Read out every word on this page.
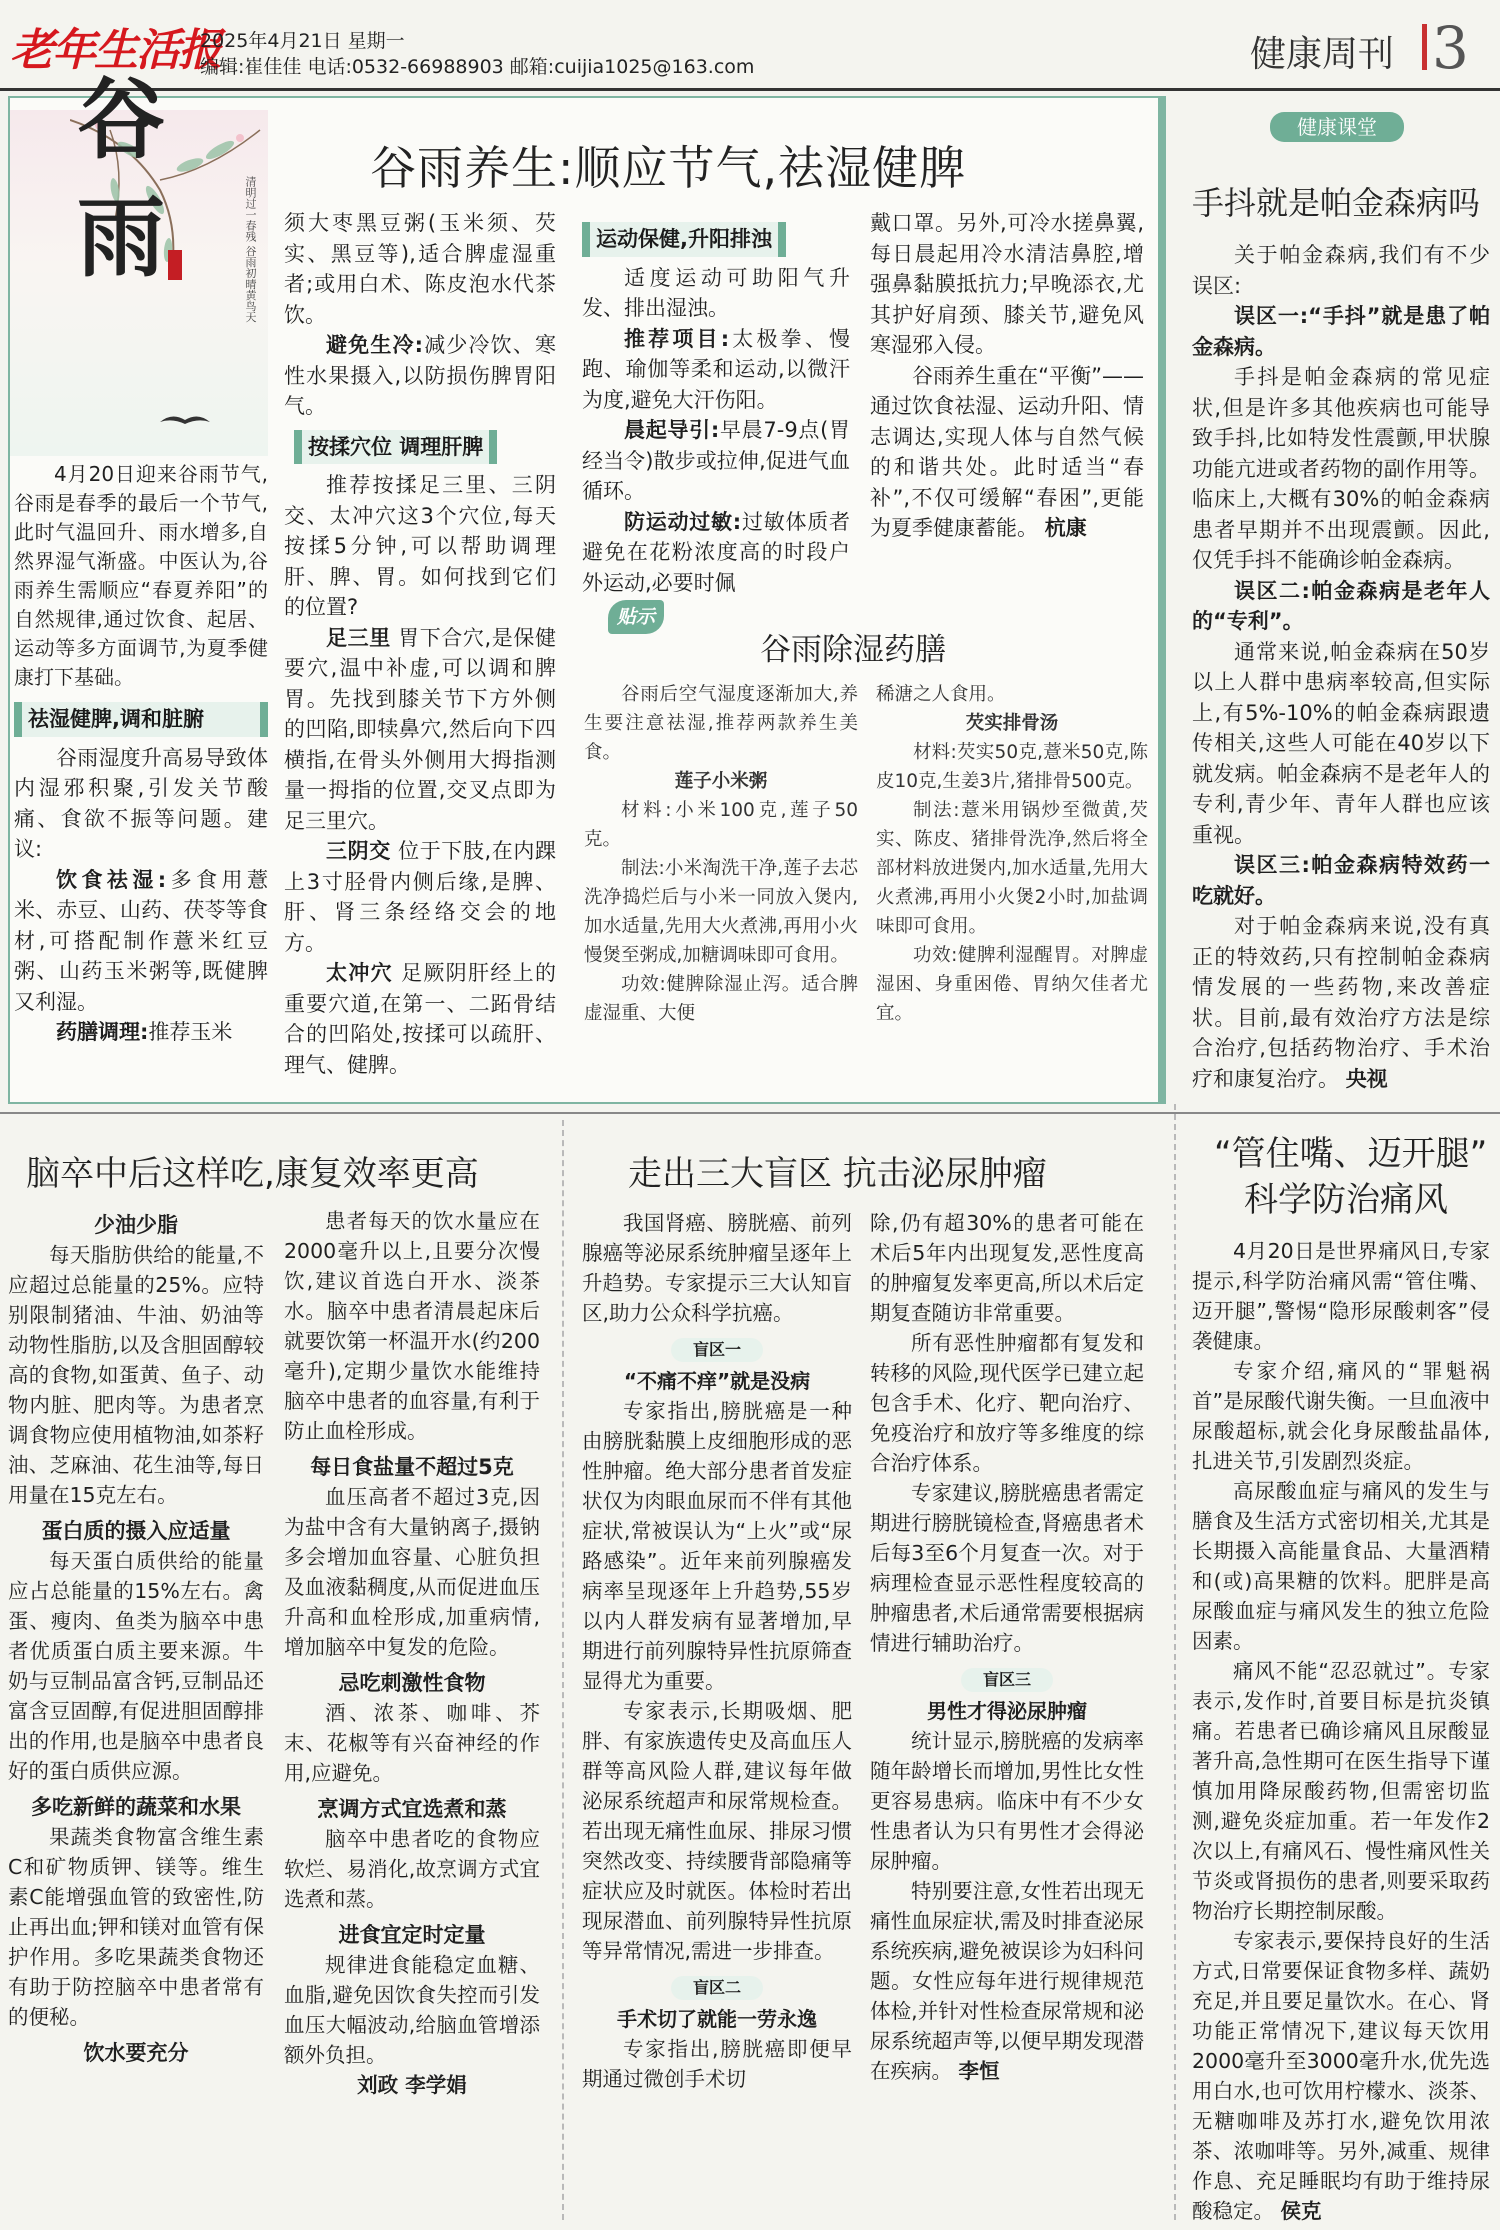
老年生活报
2025年4月21日 星期一
编辑:崔佳佳 电话:0532-66988903 邮箱:cuijia1025@163.com	健康周刊 3
谷
雨	清明过一春残 谷雨初晴黄鸟天
谷雨养生:顺应节气,祛湿健脾

4月20日迎来谷雨节气,谷雨是春季的最后一个节气,此时气温回升、雨水增多,自然界湿气渐盛。中医认为,谷雨养生需顺应“春夏养阳”的自然规律,通过饮食、起居、运动等多方面调节,为夏季健康打下基础。

祛湿健脾,调和脏腑

谷雨湿度升高易导致体内湿邪积聚,引发关节酸痛、食欲不振等问题。建议:

饮食祛湿:多食用薏米、赤豆、山药、茯苓等食材,可搭配制作薏米红豆粥、山药玉米粥等,既健脾又利湿。

药膳调理:推荐玉米

须大枣黑豆粥(玉米须、芡实、黑豆等),适合脾虚湿重者;或用白术、陈皮泡水代茶饮。

避免生冷:减少冷饮、寒性水果摄入,以防损伤脾胃阳气。

按揉穴位 调理肝脾

推荐按揉足三里、三阴交、太冲穴这3个穴位,每天按揉5分钟,可以帮助调理肝、脾、胃。如何找到它们的位置?

足三里 胃下合穴,是保健要穴,温中补虚,可以调和脾胃。先找到膝关节下方外侧的凹陷,即犊鼻穴,然后向下四横指,在骨头外侧用大拇指测量一拇指的位置,交叉点即为足三里穴。

三阴交 位于下肢,在内踝上3寸胫骨内侧后缘,是脾、肝、肾三条经络交会的地方。

太冲穴 足厥阴肝经上的重要穴道,在第一、二跖骨结合的凹陷处,按揉可以疏肝、理气、健脾。

运动保健,升阳排浊

适度运动可助阳气升发、排出湿浊。

推荐项目:太极拳、慢跑、瑜伽等柔和运动,以微汗为度,避免大汗伤阳。

晨起导引:早晨7-9点(胃经当令)散步或拉伸,促进气血循环。

防运动过敏:过敏体质者避免在花粉浓度高的时段户外运动,必要时佩

戴口罩。另外,可冷水搓鼻翼,每日晨起用冷水清洁鼻腔,增强鼻黏膜抵抗力;早晚添衣,尤其护好肩颈、膝关节,避免风寒湿邪入侵。

谷雨养生重在“平衡”——通过饮食祛湿、运动升阳、情志调达,实现人体与自然气候的和谐共处。此时适当“春补”,不仅可缓解“春困”,更能为夏季健康蓄能。 杭康

贴示
谷雨除湿药膳

谷雨后空气湿度逐渐加大,养生要注意祛湿,推荐两款养生美食。

莲子小米粥

材料:小米100克,莲子50克。

制法:小米淘洗干净,莲子去芯洗净捣烂后与小米一同放入煲内,加水适量,先用大火煮沸,再用小火慢煲至粥成,加糖调味即可食用。

功效:健脾除湿止泻。适合脾虚湿重、大便

稀溏之人食用。

芡实排骨汤

材料:芡实50克,薏米50克,陈皮10克,生姜3片,猪排骨500克。

制法:薏米用锅炒至微黄,芡实、陈皮、猪排骨洗净,然后将全部材料放进煲内,加水适量,先用大火煮沸,再用小火煲2小时,加盐调味即可食用。

功效:健脾利湿醒胃。对脾虚湿困、身重困倦、胃纳欠佳者尤宜。

健康课堂
手抖就是帕金森病吗

关于帕金森病,我们有不少误区:

误区一:“手抖”就是患了帕金森病。

手抖是帕金森病的常见症状,但是许多其他疾病也可能导致手抖,比如特发性震颤,甲状腺功能亢进或者药物的副作用等。临床上,大概有30%的帕金森病患者早期并不出现震颤。因此,仅凭手抖不能确诊帕金森病。

误区二:帕金森病是老年人的“专利”。

通常来说,帕金森病在50岁以上人群中患病率较高,但实际上,有5%-10%的帕金森病跟遗传相关,这些人可能在40岁以下就发病。帕金森病不是老年人的专利,青少年、青年人群也应该重视。

误区三:帕金森病特效药一吃就好。

对于帕金森病来说,没有真正的特效药,只有控制帕金森病情发展的一些药物,来改善症状。目前,最有效治疗方法是综合治疗,包括药物治疗、手术治疗和康复治疗。 央视

脑卒中后这样吃,康复效率更高

少油少脂

每天脂肪供给的能量,不应超过总能量的25%。应特别限制猪油、牛油、奶油等动物性脂肪,以及含胆固醇较高的食物,如蛋黄、鱼子、动物内脏、肥肉等。为患者烹调食物应使用植物油,如茶籽油、芝麻油、花生油等,每日用量在15克左右。

蛋白质的摄入应适量

每天蛋白质供给的能量应占总能量的15%左右。禽蛋、瘦肉、鱼类为脑卒中患者优质蛋白质主要来源。牛奶与豆制品富含钙,豆制品还富含豆固醇,有促进胆固醇排出的作用,也是脑卒中患者良好的蛋白质供应源。

多吃新鲜的蔬菜和水果

果蔬类食物富含维生素C和矿物质钾、镁等。维生素C能增强血管的致密性,防止再出血;钾和镁对血管有保护作用。多吃果蔬类食物还有助于防控脑卒中患者常有的便秘。

饮水要充分

患者每天的饮水量应在2000毫升以上,且要分次慢饮,建议首选白开水、淡茶水。脑卒中患者清晨起床后就要饮第一杯温开水(约200毫升),定期少量饮水能维持脑卒中患者的血容量,有利于防止血栓形成。

每日食盐量不超过5克

血压高者不超过3克,因为盐中含有大量钠离子,摄钠多会增加血容量、心脏负担及血液黏稠度,从而促进血压升高和血栓形成,加重病情,增加脑卒中复发的危险。

忌吃刺激性食物

酒、浓茶、咖啡、芥末、花椒等有兴奋神经的作用,应避免。

烹调方式宜选煮和蒸

脑卒中患者吃的食物应软烂、易消化,故烹调方式宜选煮和蒸。

进食宜定时定量

规律进食能稳定血糖、血脂,避免因饮食失控而引发血压大幅波动,给脑血管增添额外负担。

刘政 李学娟

走出三大盲区 抗击泌尿肿瘤

我国肾癌、膀胱癌、前列腺癌等泌尿系统肿瘤呈逐年上升趋势。专家提示三大认知盲区,助力公众科学抗癌。

盲区一

“不痛不痒”就是没病

专家指出,膀胱癌是一种由膀胱黏膜上皮细胞形成的恶性肿瘤。绝大部分患者首发症状仅为肉眼血尿而不伴有其他症状,常被误认为“上火”或“尿路感染”。近年来前列腺癌发病率呈现逐年上升趋势,55岁以内人群发病有显著增加,早期进行前列腺特异性抗原筛查显得尤为重要。

专家表示,长期吸烟、肥胖、有家族遗传史及高血压人群等高风险人群,建议每年做泌尿系统超声和尿常规检查。若出现无痛性血尿、排尿习惯突然改变、持续腰背部隐痛等症状应及时就医。体检时若出现尿潜血、前列腺特异性抗原等异常情况,需进一步排查。

盲区二

手术切了就能一劳永逸

专家指出,膀胱癌即便早期通过微创手术切

除,仍有超30%的患者可能在术后5年内出现复发,恶性度高的肿瘤复发率更高,所以术后定期复查随访非常重要。

所有恶性肿瘤都有复发和转移的风险,现代医学已建立起包含手术、化疗、靶向治疗、免疫治疗和放疗等多维度的综合治疗体系。

专家建议,膀胱癌患者需定期进行膀胱镜检查,肾癌患者术后每3至6个月复查一次。对于病理检查显示恶性程度较高的肿瘤患者,术后通常需要根据病情进行辅助治疗。

盲区三

男性才得泌尿肿瘤

统计显示,膀胱癌的发病率随年龄增长而增加,男性比女性更容易患病。临床中有不少女性患者认为只有男性才会得泌尿肿瘤。

特别要注意,女性若出现无痛性血尿症状,需及时排查泌尿系统疾病,避免被误诊为妇科问题。女性应每年进行规律规范体检,并针对性检查尿常规和泌尿系统超声等,以便早期发现潜在疾病。 李恒

“管住嘴、迈开腿”
科学防治痛风

4月20日是世界痛风日,专家提示,科学防治痛风需“管住嘴、迈开腿”,警惕“隐形尿酸刺客”侵袭健康。

专家介绍,痛风的“罪魁祸首”是尿酸代谢失衡。一旦血液中尿酸超标,就会化身尿酸盐晶体,扎进关节,引发剧烈炎症。

高尿酸血症与痛风的发生与膳食及生活方式密切相关,尤其是长期摄入高能量食品、大量酒精和(或)高果糖的饮料。肥胖是高尿酸血症与痛风发生的独立危险因素。

痛风不能“忍忍就过”。专家表示,发作时,首要目标是抗炎镇痛。若患者已确诊痛风且尿酸显著升高,急性期可在医生指导下谨慎加用降尿酸药物,但需密切监测,避免炎症加重。若一年发作2次以上,有痛风石、慢性痛风性关节炎或肾损伤的患者,则要采取药物治疗长期控制尿酸。

专家表示,要保持良好的生活方式,日常要保证食物多样、蔬奶充足,并且要足量饮水。在心、肾功能正常情况下,建议每天饮用2000毫升至3000毫升水,优先选用白水,也可饮用柠檬水、淡茶、无糖咖啡及苏打水,避免饮用浓茶、浓咖啡等。另外,减重、规律作息、充足睡眠均有助于维持尿酸稳定。 侯克
